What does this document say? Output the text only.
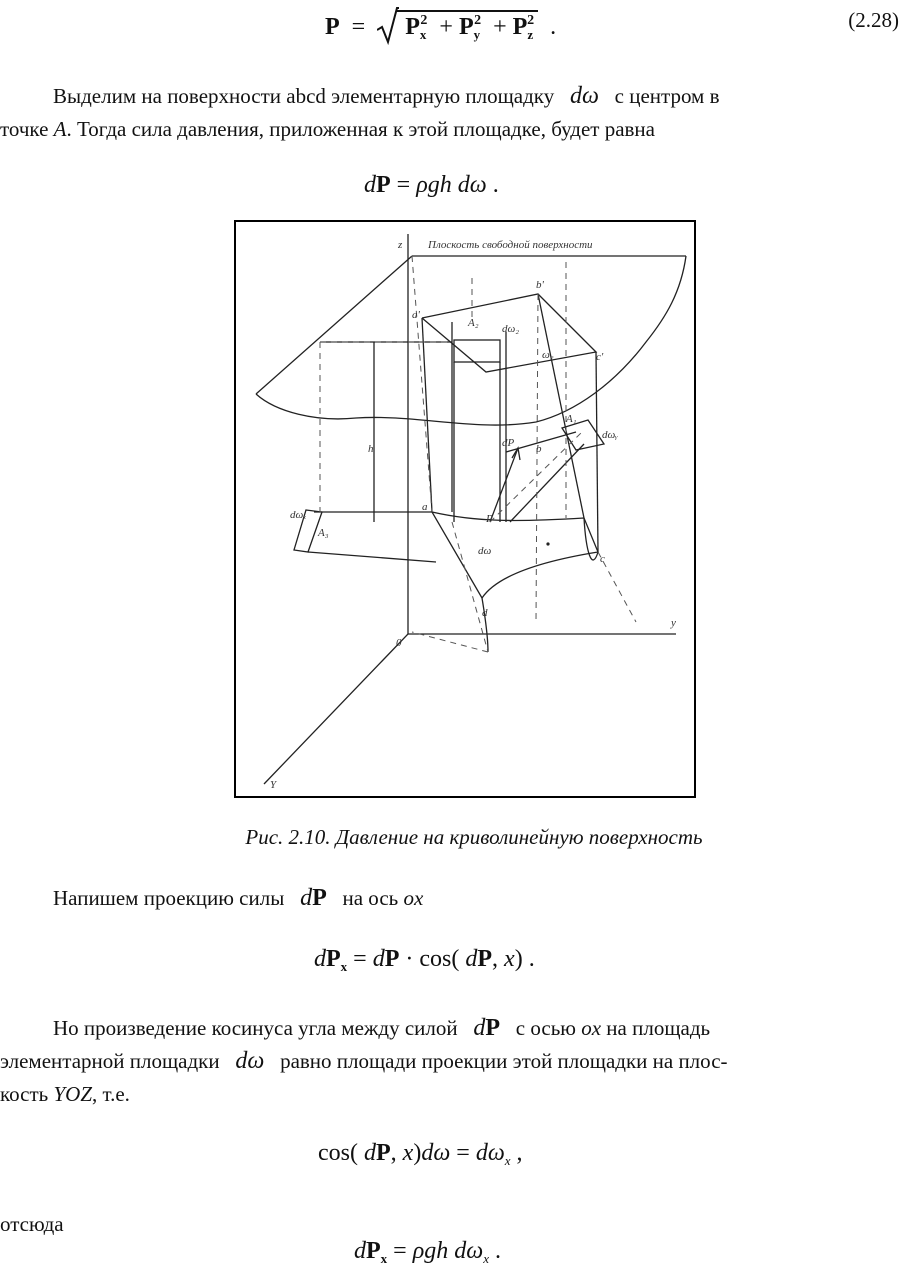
$P = P_x^2 + P_y^2 + P_z^2$  .	(2.28)
Выделим на поверхности abcd элементарную площадку dω с центром в
точке A. Тогда сила давления, приложенная к этой площадке, будет равна
dP = ρgh dω .
Плоскость свободной поверхности
z
y
Y
0
a'
b'
c'
a
b
c
d
h
A₂ dω₂
ω₂
dωₓ
A₃
A₁
dωᵧ
dP
dω
P
Рис. 2.10. Давление на криволинейную поверхность
Напишем проекцию силы dP на ось ox
$dP_x$ = dP · cos( dP, x) .
Но произведение косинуса угла между силой dP с осью ox на площадь
элементарной площадки dω равно площади проекции этой площадки на плос-
кость YOZ, т.е.
cos( dP, $x)d\omega = d\omega_x$ ,
отсюда
$dP_x = \rho gh$ $d\omega_x$ .
